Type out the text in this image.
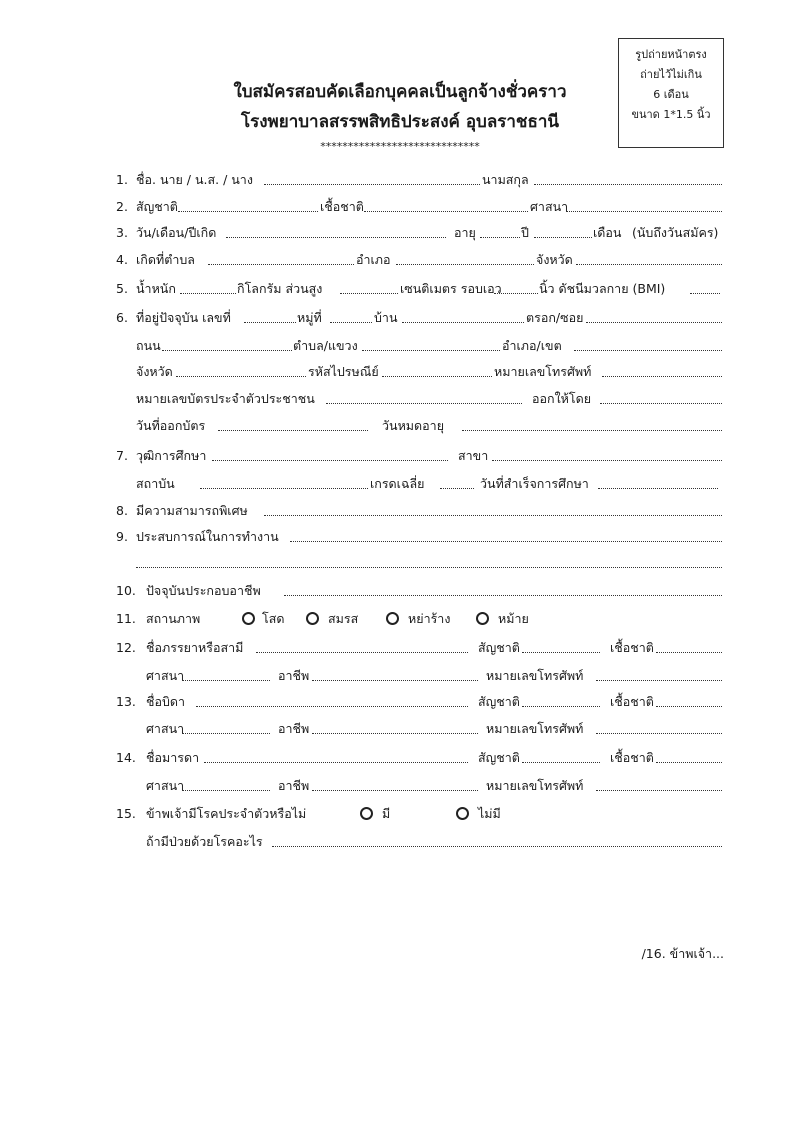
ใบสมัครสอบคัดเลือกบุคคลเป็นลูกจ้างชั่วคราว
โรงพยาบาลสรรพสิทธิประสงค์ อุบลราชธานี
*****************************
รูปถ่ายหน้าตรง
ถ่ายไว้ไม่เกิน
6 เดือน
ขนาด 1*1.5 นิ้ว
1. ชื่อ. นาย / น.ส. / นาง	นามสกุล
2. สัญชาติ	เชื้อชาติ	ศาสนา
3. วัน/เดือน/ปีเกิด	อายุ	ปี	เดือน (นับถึงวันสมัคร)
4. เกิดที่ตำบล	อำเภอ	จังหวัด
5. น้ำหนัก	กิโลกรัม ส่วนสูง	เซนติเมตร รอบเอว	นิ้ว ดัชนีมวลกาย (BMI)
6. ที่อยู่ปัจจุบัน เลขที่	หมู่ที่	บ้าน	ตรอก/ซอย
ถนน	ตำบล/แขวง	อำเภอ/เขต
จังหวัด	รหัสไปรษณีย์	หมายเลขโทรศัพท์
หมายเลขบัตรประจำตัวประชาชน	ออกให้โดย
วันที่ออกบัตร	วันหมดอายุ
7. วุฒิการศึกษา	สาขา
สถาบัน	เกรดเฉลี่ย	วันที่สำเร็จการศึกษา
8. มีความสามารถพิเศษ
9. ประสบการณ์ในการทำงาน
10. ปัจจุบันประกอบอาชีพ
11. สถานภาพ	โสด	สมรส	หย่าร้าง	หม้าย
12. ชื่อภรรยาหรือสามี	สัญชาติ	เชื้อชาติ
ศาสนา	อาชีพ	หมายเลขโทรศัพท์
13. ชื่อบิดา	สัญชาติ	เชื้อชาติ
ศาสนา	อาชีพ	หมายเลขโทรศัพท์
14. ชื่อมารดา	สัญชาติ	เชื้อชาติ
ศาสนา	อาชีพ	หมายเลขโทรศัพท์
15. ข้าพเจ้ามีโรคประจำตัวหรือไม่	มี	ไม่มี
ถ้ามีป่วยด้วยโรคอะไร
/16. ข้าพเจ้า...
